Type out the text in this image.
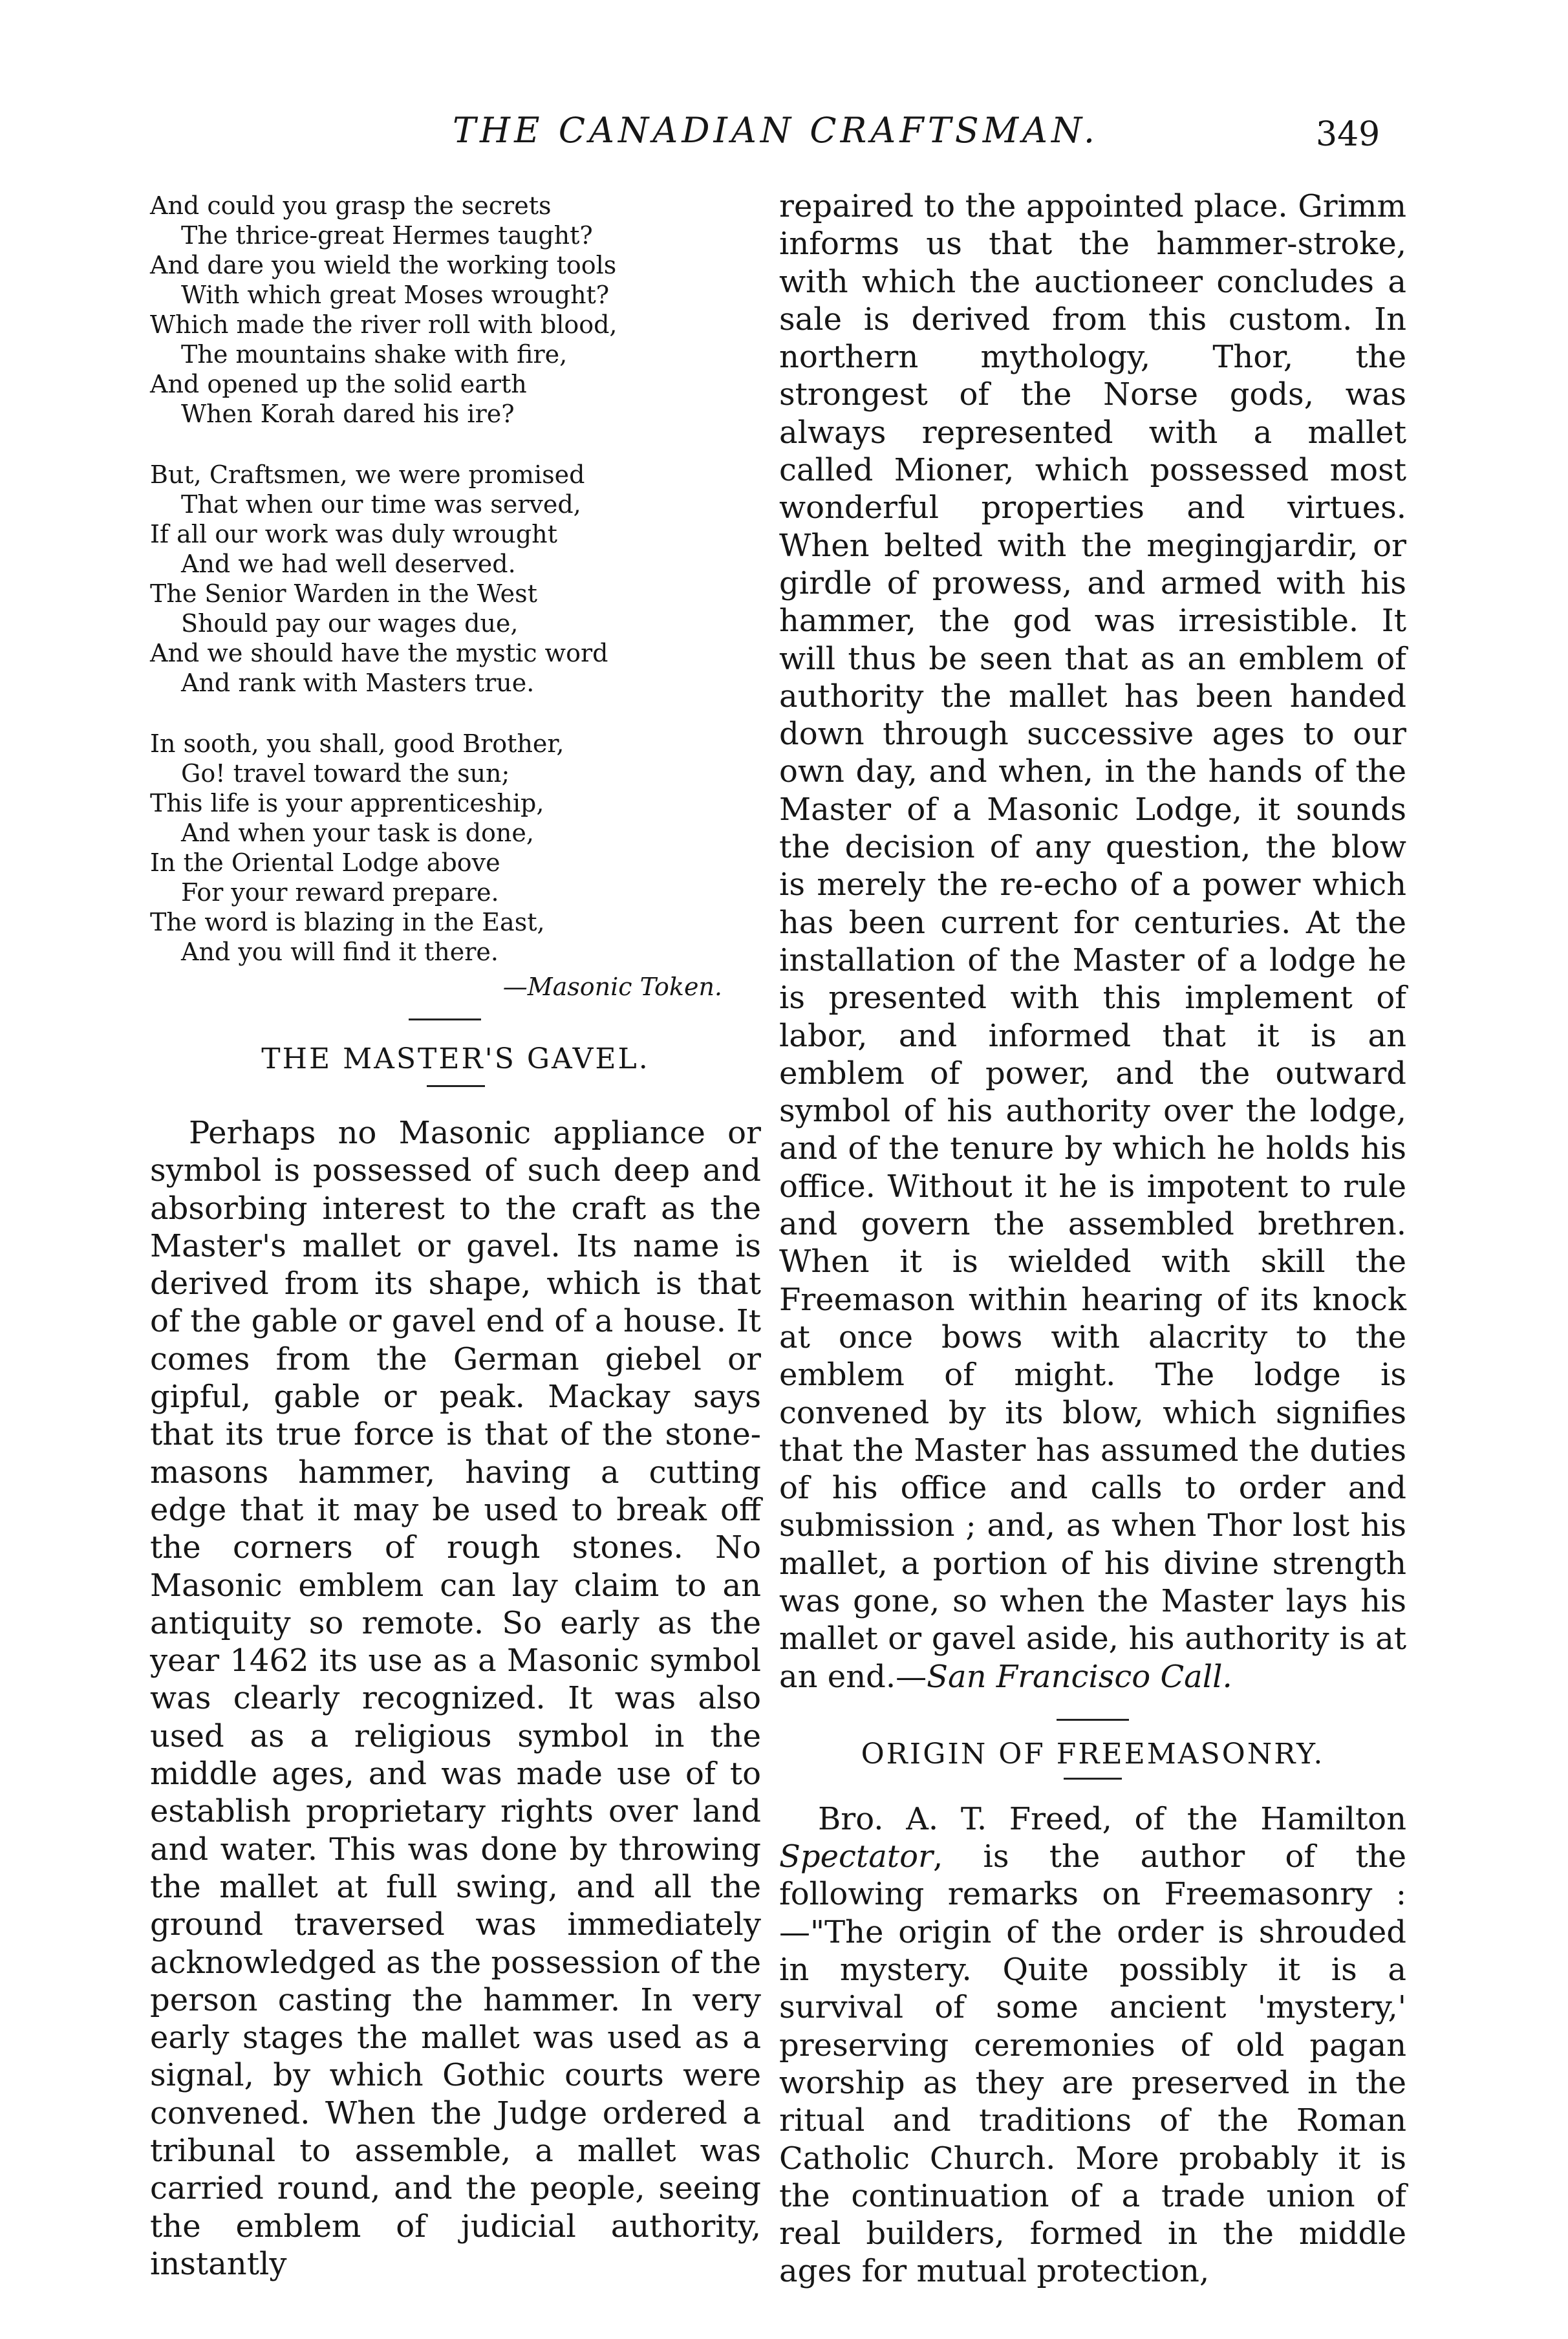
THE CANADIAN CRAFTSMAN.	349
And could you grasp the secrets
The thrice-great Hermes taught?
And dare you wield the working tools
With which great Moses wrought?
Which made the river roll with blood,
The mountains shake with fire,
And opened up the solid earth
When Korah dared his ire?
But, Craftsmen, we were promised
That when our time was served,
If all our work was duly wrought
And we had well deserved.
The Senior Warden in the West
Should pay our wages due,
And we should have the mystic word
And rank with Masters true.
In sooth, you shall, good Brother,
Go! travel toward the sun;
This life is your apprenticeship,
And when your task is done,
In the Oriental Lodge above
For your reward prepare.
The word is blazing in the East,
And you will find it there.
—Masonic Token.
THE MASTER'S GAVEL.

Perhaps no Masonic appliance or symbol is possessed of such deep and absorbing interest to the craft as the Master's mallet or gavel. Its name is derived from its shape, which is that of the gable or gavel end of a house. It comes from the German giebel or gipful, gable or peak. Mackay says that its true force is that of the stone-masons hammer, having a cutting edge that it may be used to break off the corners of rough stones. No Masonic emblem can lay claim to an antiquity so remote. So early as the year 1462 its use as a Masonic symbol was clearly recognized. It was also used as a religious symbol in the middle ages, and was made use of to establish proprietary rights over land and water. This was done by throwing the mallet at full swing, and all the ground traversed was immediately acknowledged as the possession of the person casting the hammer. In very early stages the mallet was used as a signal, by which Gothic courts were convened. When the Judge ordered a tribunal to assemble, a mallet was carried round, and the people, seeing the emblem of judicial authority, instantly

repaired to the appointed place. Grimm informs us that the hammer-stroke, with which the auctioneer concludes a sale is derived from this custom. In northern mythology, Thor, the strongest of the Norse gods, was always represented with a mallet called Mioner, which possessed most wonderful properties and virtues. When belted with the megingjardir, or girdle of prowess, and armed with his hammer, the god was irresistible. It will thus be seen that as an emblem of authority the mallet has been handed down through successive ages to our own day, and when, in the hands of the Master of a Masonic Lodge, it sounds the decision of any question, the blow is merely the re-echo of a power which has been current for centuries. At the installation of the Master of a lodge he is presented with this implement of labor, and informed that it is an emblem of power, and the outward symbol of his authority over the lodge, and of the tenure by which he holds his office. Without it he is impotent to rule and govern the assembled brethren. When it is wielded with skill the Freemason within hearing of its knock at once bows with alacrity to the emblem of might. The lodge is convened by its blow, which signifies that the Master has assumed the duties of his office and calls to order and submission ; and, as when Thor lost his mallet, a portion of his divine strength was gone, so when the Master lays his mallet or gavel aside, his authority is at an end.—San Francisco Call.

ORIGIN OF FREEMASONRY.

Bro. A. T. Freed, of the Hamilton Spectator, is the author of the following remarks on Freemasonry :—"The origin of the order is shrouded in mystery. Quite possibly it is a survival of some ancient 'mystery,' preserving ceremonies of old pagan worship as they are preserved in the ritual and traditions of the Roman Catholic Church. More probably it is the continuation of a trade union of real builders, formed in the middle ages for mutual protection,
